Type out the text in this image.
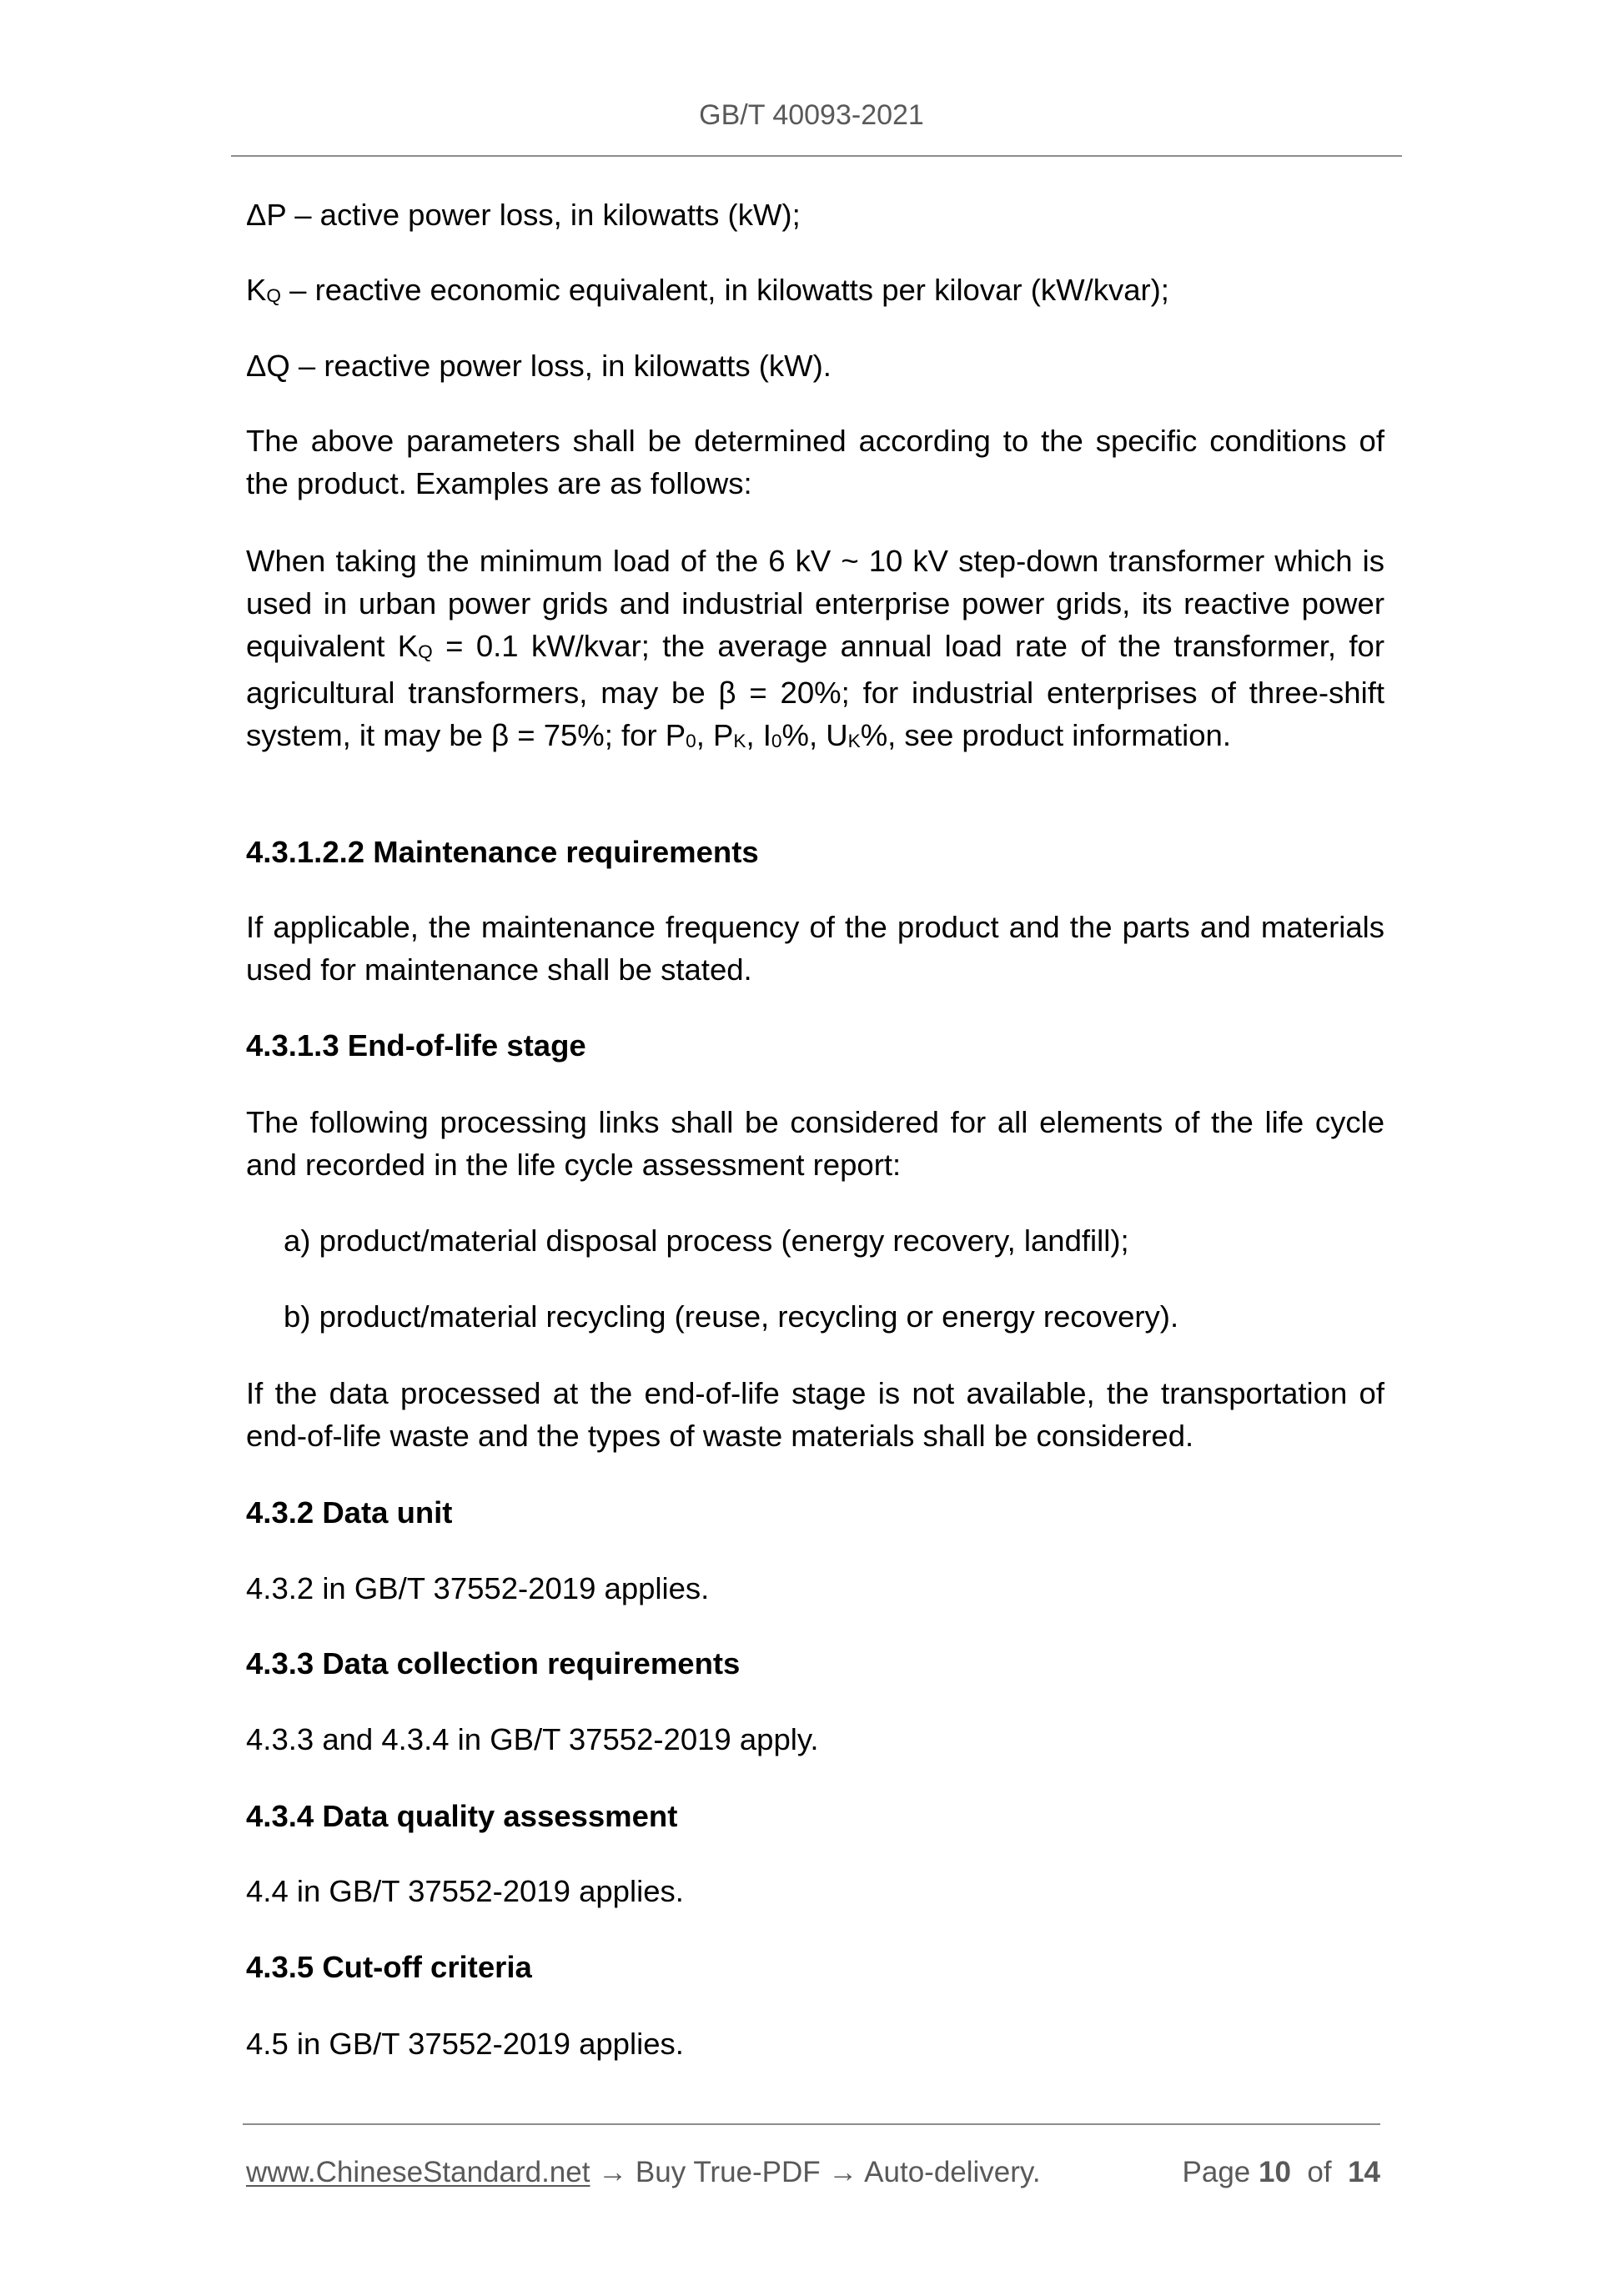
GB/T 40093-2021
ΔP – active power loss, in kilowatts (kW);
$K_Q$ – reactive economic equivalent, in kilowatts per kilovar (kW/kvar);
ΔQ – reactive power loss, in kilowatts (kW).
The above parameters shall be determined according to the specific conditions of the product. Examples are as follows:
When taking the minimum load of the 6 kV ~ 10 kV step-down transformer which is used in urban power grids and industrial enterprise power grids, its reactive power equivalent $K_Q = 0.1$ kW/kvar; the average annual load rate of the transformer, for agricultural transformers, may be β = 20%; for industrial enterprises of three-shift system, it may be β = 75%; for $P_0$, $P_K$, $I_0\%$, $U_K\%$, see product information.
4.3.1.2.2 Maintenance requirements
If applicable, the maintenance frequency of the product and the parts and materials used for maintenance shall be stated.
4.3.1.3 End-of-life stage
The following processing links shall be considered for all elements of the life cycle and recorded in the life cycle assessment report:
a) product/material disposal process (energy recovery, landfill);
b) product/material recycling (reuse, recycling or energy recovery).
If the data processed at the end-of-life stage is not available, the transportation of end-of-life waste and the types of waste materials shall be considered.
4.3.2 Data unit
4.3.2 in GB/T 37552-2019 applies.
4.3.3 Data collection requirements
4.3.3 and 4.3.4 in GB/T 37552-2019 apply.
4.3.4 Data quality assessment
4.4 in GB/T 37552-2019 applies.
4.3.5 Cut-off criteria
4.5 in GB/T 37552-2019 applies.
www.ChineseStandard.net → Buy True-PDF → Auto-delivery.	Page 10 of 14
